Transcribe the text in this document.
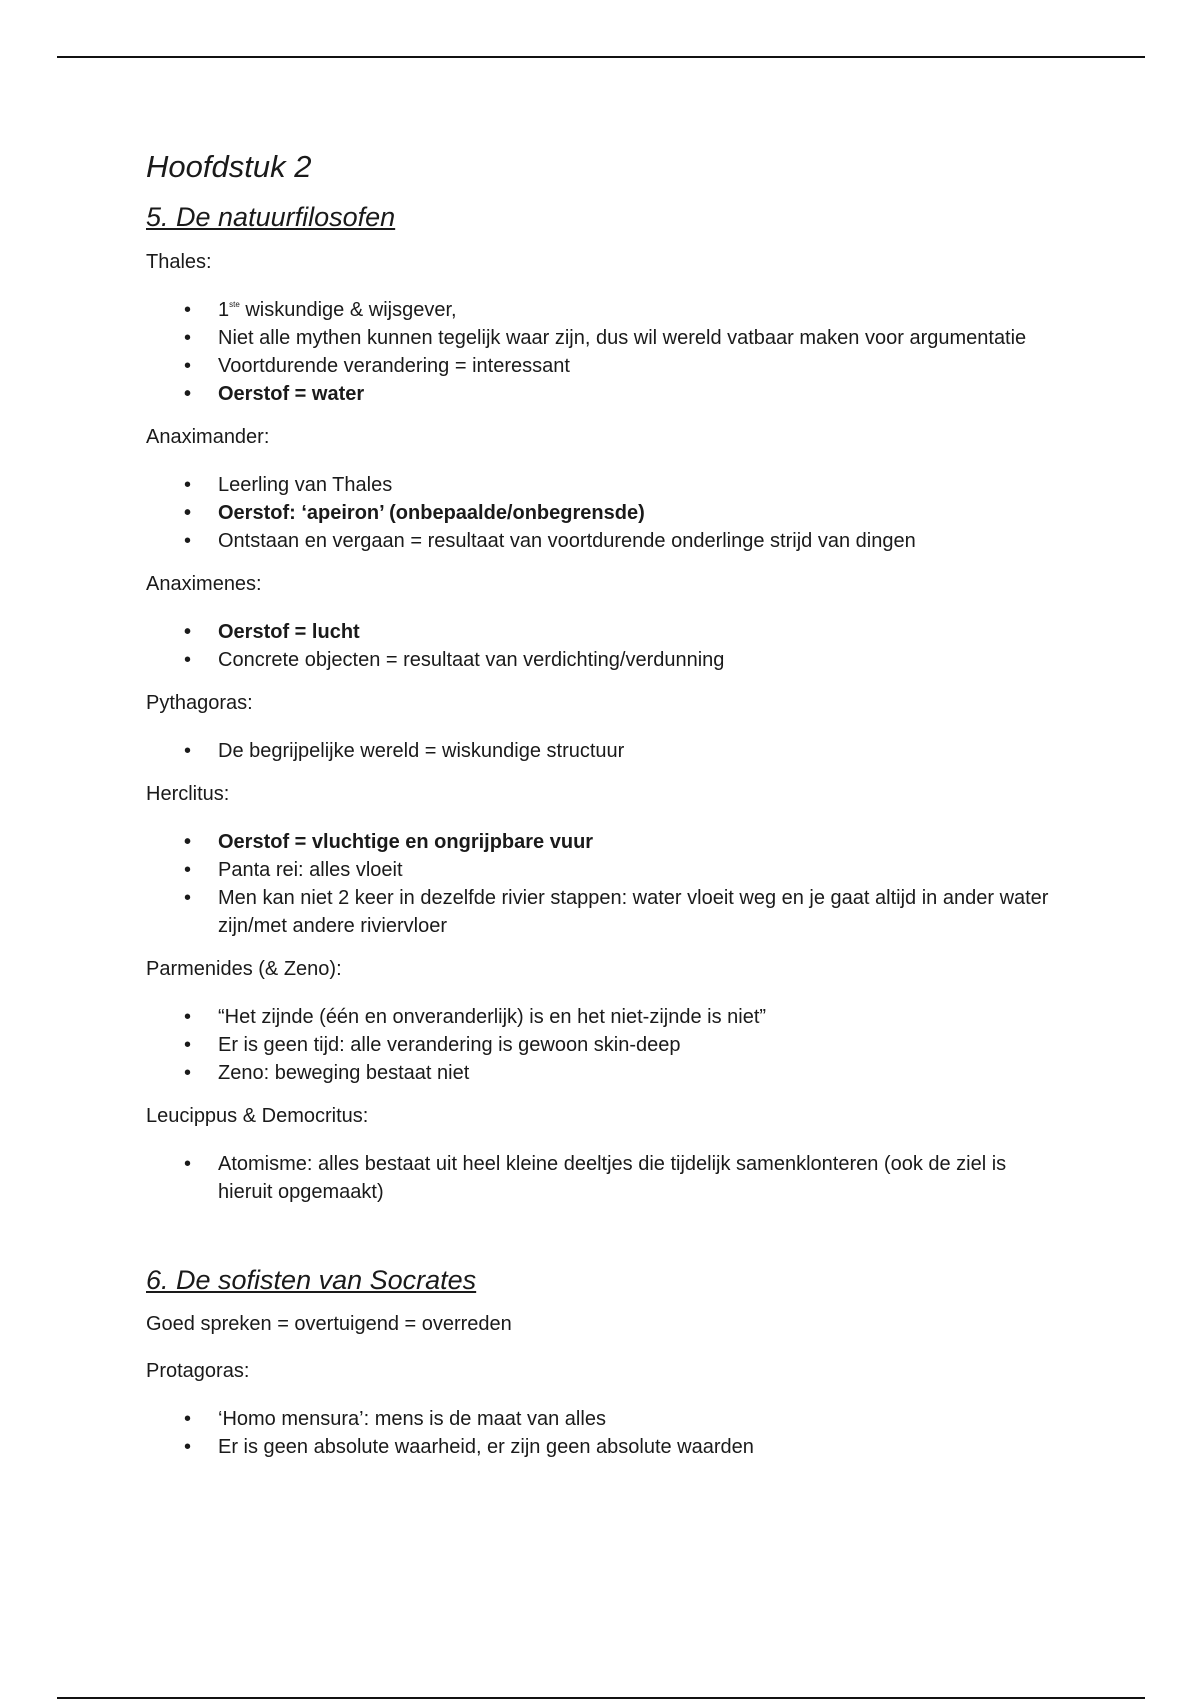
Hoofdstuk 2
5. De natuurfilosofen
Thales:
• 1ste wiskundige & wijsgever,
• Niet alle mythen kunnen tegelijk waar zijn, dus wil wereld vatbaar maken voor argumentatie
• Voortdurende verandering = interessant
• Oerstof = water
Anaximander:
• Leerling van Thales
• Oerstof: ‘apeiron’ (onbepaalde/onbegrensde)
• Ontstaan en vergaan = resultaat van voortdurende onderlinge strijd van dingen
Anaximenes:
• Oerstof = lucht
• Concrete objecten = resultaat van verdichting/verdunning
Pythagoras:
• De begrijpelijke wereld = wiskundige structuur
Herclitus:
• Oerstof = vluchtige en ongrijpbare vuur
• Panta rei: alles vloeit
• Men kan niet 2 keer in dezelfde rivier stappen: water vloeit weg en je gaat altijd in ander water zijn/met andere riviervloer
Parmenides (& Zeno):
• “Het zijnde (één en onveranderlijk) is en het niet-zijnde is niet”
• Er is geen tijd: alle verandering is gewoon skin-deep
• Zeno: beweging bestaat niet
Leucippus & Democritus:
• Atomisme: alles bestaat uit heel kleine deeltjes die tijdelijk samenklonteren (ook de ziel is hieruit opgemaakt)
6. De sofisten van Socrates
Goed spreken = overtuigend = overreden
Protagoras:
• ‘Homo mensura’: mens is de maat van alles
• Er is geen absolute waarheid, er zijn geen absolute waarden
